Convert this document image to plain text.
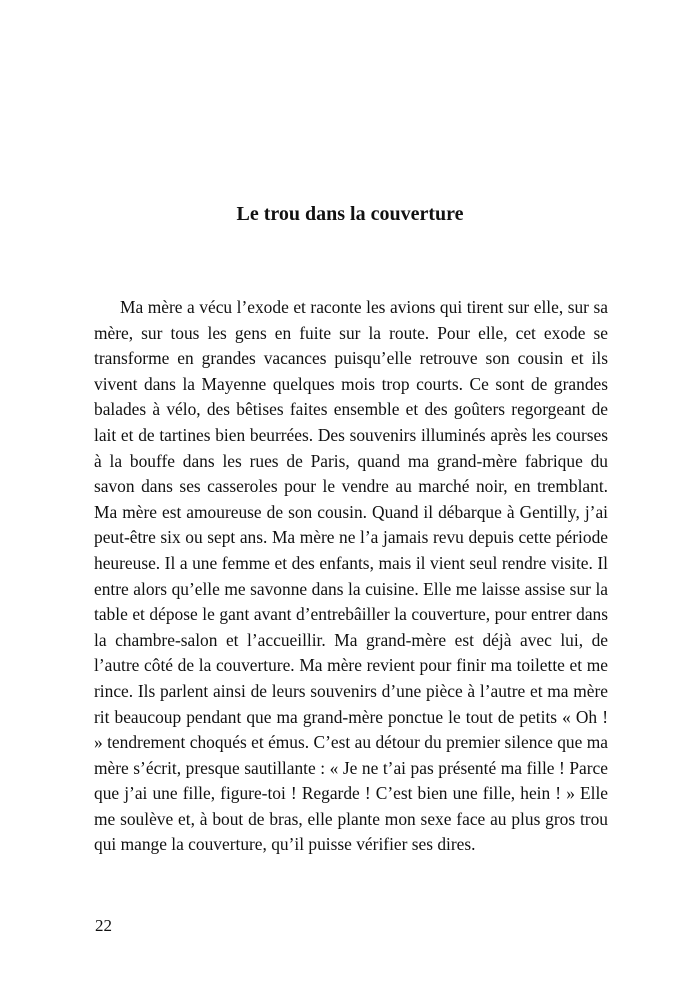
Le trou dans la couverture

Ma mère a vécu l’exode et raconte les avions qui tirent sur elle, sur sa mère, sur tous les gens en fuite sur la route. Pour elle, cet exode se transforme en grandes vacances puisqu’elle retrouve son cousin et ils vivent dans la Mayenne quelques mois trop courts. Ce sont de grandes balades à vélo, des bêtises faites ensemble et des goûters regorgeant de lait et de tartines bien beurrées. Des souvenirs illuminés après les courses à la bouffe dans les rues de Paris, quand ma grand-mère fabrique du savon dans ses casseroles pour le vendre au marché noir, en tremblant. Ma mère est amoureuse de son cousin. Quand il débarque à Gentilly, j’ai peut-être six ou sept ans. Ma mère ne l’a jamais revu depuis cette période heureuse. Il a une femme et des enfants, mais il vient seul rendre visite. Il entre alors qu’elle me savonne dans la cuisine. Elle me laisse assise sur la table et dépose le gant avant d’entrebâiller la couverture, pour entrer dans la chambre-salon et l’accueillir. Ma grand-mère est déjà avec lui, de l’autre côté de la couverture. Ma mère revient pour finir ma toilette et me rince. Ils parlent ainsi de leurs souvenirs d’une pièce à l’autre et ma mère rit beaucoup pendant que ma grand-mère ponctue le tout de petits « Oh ! » tendrement choqués et émus. C’est au détour du premier silence que ma mère s’écrit, presque sautillante : « Je ne t’ai pas présenté ma fille ! Parce que j’ai une fille, figure-toi ! Regarde ! C’est bien une fille, hein ! » Elle me soulève et, à bout de bras, elle plante mon sexe face au plus gros trou qui mange la couverture, qu’il puisse vérifier ses dires.

22
